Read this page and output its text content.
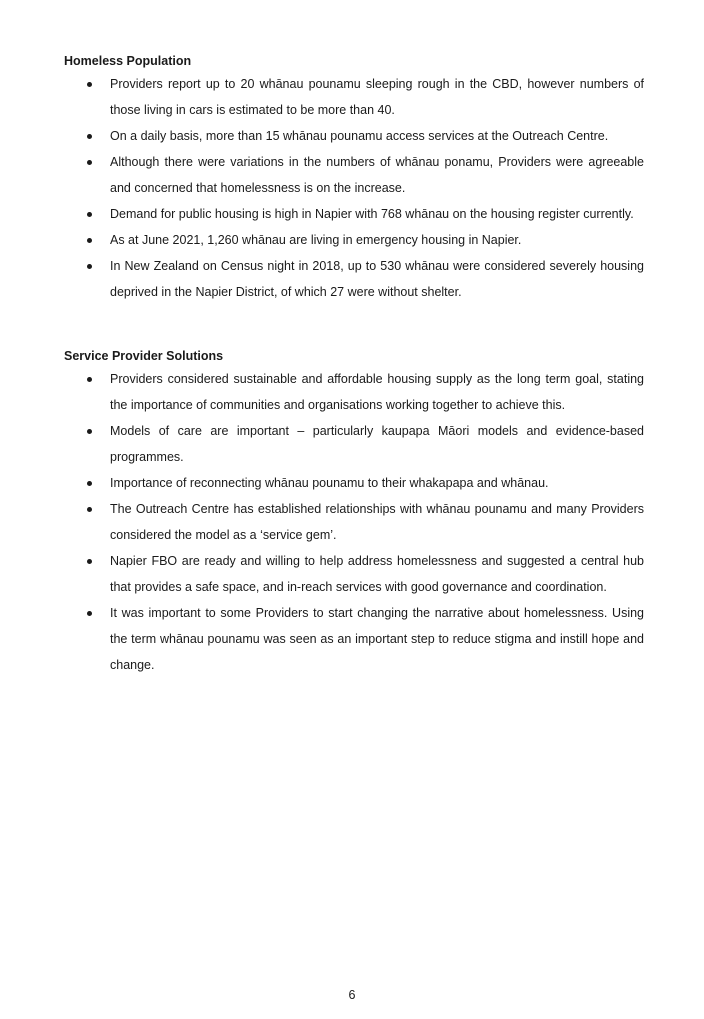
Homeless Population
Providers report up to 20 whānau pounamu sleeping rough in the CBD, however numbers of those living in cars is estimated to be more than 40.
On a daily basis, more than 15 whānau pounamu access services at the Outreach Centre.
Although there were variations in the numbers of whānau ponamu, Providers were agreeable and concerned that homelessness is on the increase.
Demand for public housing is high in Napier with 768 whānau on the housing register currently.
As at June 2021, 1,260 whānau are living in emergency housing in Napier.
In New Zealand on Census night in 2018, up to 530 whānau were considered severely housing deprived in the Napier District, of which 27 were without shelter.
Service Provider Solutions
Providers considered sustainable and affordable housing supply as the long term goal, stating the importance of communities and organisations working together to achieve this.
Models of care are important – particularly kaupapa Māori models and evidence-based programmes.
Importance of reconnecting whānau pounamu to their whakapapa and whānau.
The Outreach Centre has established relationships with whānau pounamu and many Providers considered the model as a ‘service gem’.
Napier FBO are ready and willing to help address homelessness and suggested a central hub that provides a safe space, and in-reach services with good governance and coordination.
It was important to some Providers to start changing the narrative about homelessness. Using the term whānau pounamu was seen as an important step to reduce stigma and instill hope and change.
6
